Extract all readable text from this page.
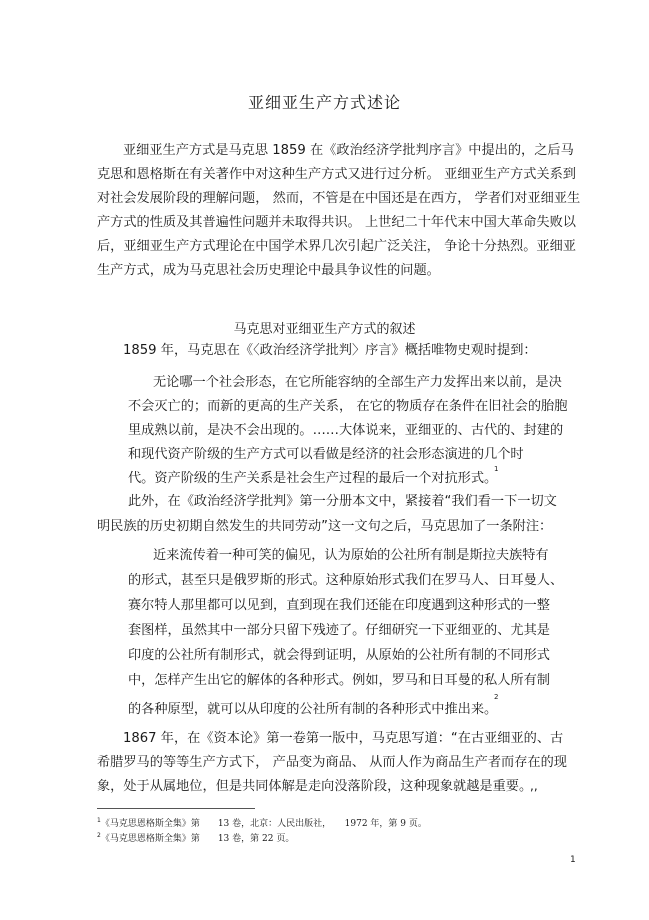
亚细亚生产方式述论
亚细亚生产方式是马克思 1859 在《政治经济学批判序言》中提出的，之后马
克思和恩格斯在有关著作中对这种生产方式又进行过分析。 亚细亚生产方式关系到
对社会发展阶段的理解问题， 然而，不管是在中国还是在西方， 学者们对亚细亚生
产方式的性质及其普遍性问题并未取得共识。 上世纪二十年代末中国大革命失败以
后，亚细亚生产方式理论在中国学术界几次引起广泛关注， 争论十分热烈。亚细亚
生产方式，成为马克思社会历史理论中最具争议性的问题。
马克思对亚细亚生产方式的叙述
1859 年，马克思在《〈政治经济学批判〉序言》概括唯物史观时提到：
无论哪一个社会形态，在它所能容纳的全部生产力发挥出来以前，是决
不会灭亡的；而新的更高的生产关系， 在它的物质存在条件在旧社会的胎胞
里成熟以前，是决不会出现的。……大体说来，亚细亚的、古代的、封建的
和现代资产阶级的生产方式可以看做是经济的社会形态演进的几个时
代。资产阶级的生产关系是社会生产过程的最后一个对抗形式。
1
此外，在《政治经济学批判》第一分册本文中，紧接着“我们看一下一切文
明民族的历史初期自然发生的共同劳动”这一文句之后，马克思加了一条附注：
近来流传着一种可笑的偏见，认为原始的公社所有制是斯拉夫族特有
的形式，甚至只是俄罗斯的形式。这种原始形式我们在罗马人、日耳曼人、
赛尔特人那里都可以见到，直到现在我们还能在印度遇到这种形式的一整
套图样，虽然其中一部分只留下残迹了。仔细研究一下亚细亚的、尤其是
印度的公社所有制形式，就会得到证明，从原始的公社所有制的不同形式
中，怎样产生出它的解体的各种形式。例如，罗马和日耳曼的私人所有制
2
的各种原型，就可以从印度的公社所有制的各种形式中推出来。
1867 年，在《资本论》第一卷第一版中，马克思写道：“在古亚细亚的、古
希腊罗马的等等生产方式下， 产品变为商品、 从而人作为商品生产者而存在的现
象，处于从属地位，但是共同体解是走向没落阶段，这种现象就越是重要。
,,
$^1$《马克思恩格斯全集》第　　13 卷，北京：人民出版社，　　1972 年，第 9 页。
$^2$《马克思恩格斯全集》第　　13 卷，第 22 页。
1
